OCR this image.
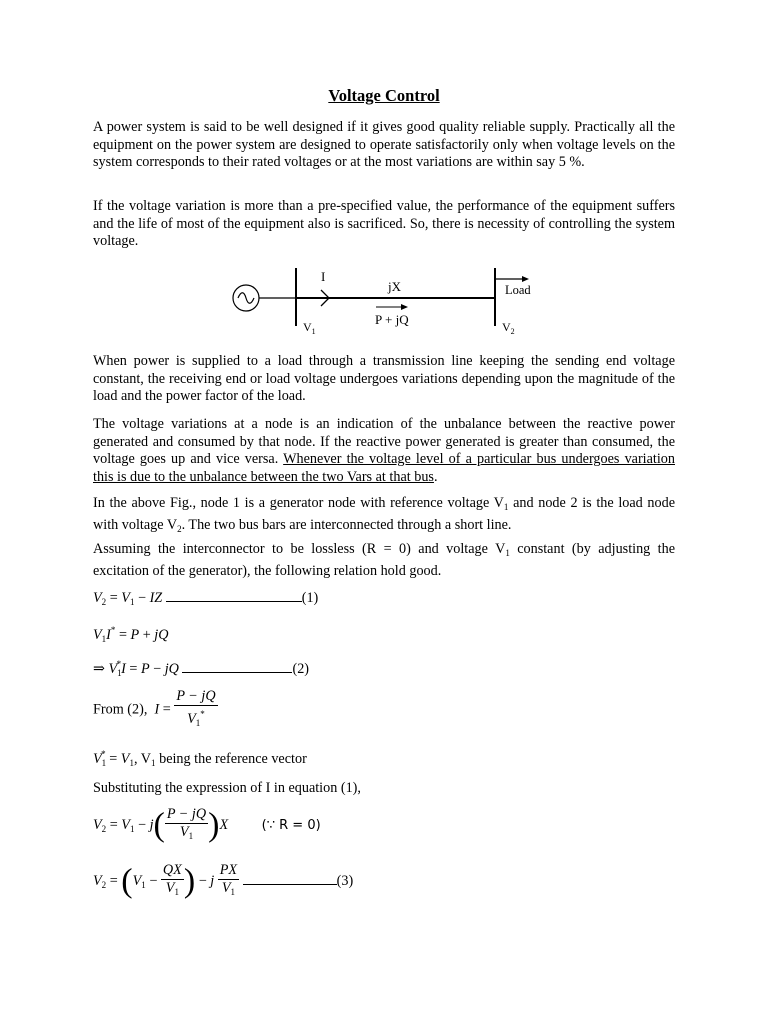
Voltage Control

A power system is said to be well designed if it gives good quality reliable supply. Practically all the equipment on the power system are designed to operate satisfactorily only when voltage levels on the system corresponds to their rated voltages or at the most variations are within say 5 %.

If the voltage variation is more than a pre-specified value, the performance of the equipment suffers and the life of most of the equipment also is sacrificed. So, there is necessity of controlling the system voltage.

I
jX
P + jQ
Load
$V_1$	$V_2$

When power is supplied to a load through a transmission line keeping the sending end voltage constant, the receiving end or load voltage undergoes variations depending upon the magnitude of the load and the power factor of the load.

The voltage variations at a node is an indication of the unbalance between the reactive power generated and consumed by that node. If the reactive power generated is greater than consumed, the voltage goes up and vice versa. Whenever the voltage level of a particular bus undergoes variation this is due to the unbalance between the two Vars at that bus.

In the above Fig., node 1 is a generator node with reference voltage $V_1$ and node 2 is the load node with voltage $V_2$. The two bus bars are interconnected through a short line.

Assuming the interconnector to be lossless (R = 0) and voltage $V_1$ constant (by adjusting the excitation of the generator), the following relation hold good.

$V_2 = V_1$ − IZ	(1)
$V_1I^* = P$ + jQ
⇒ $V_1^*I = P$ − jQ	(2)
From (2), $I = \frac{P - jQ}{V_1^*}$
$V_1^* = V_1$, $V_1$ being the reference vector
Substituting the expression of I in equation (1),
$V_2 = V_1 - j( \frac{P - jQ}{V_1} )X$	(∵ R = 0)
$V_2 = (V_1 - \frac{QX}{V_1}$ ) − j $\frac{PX}{V_1}$	(3)
